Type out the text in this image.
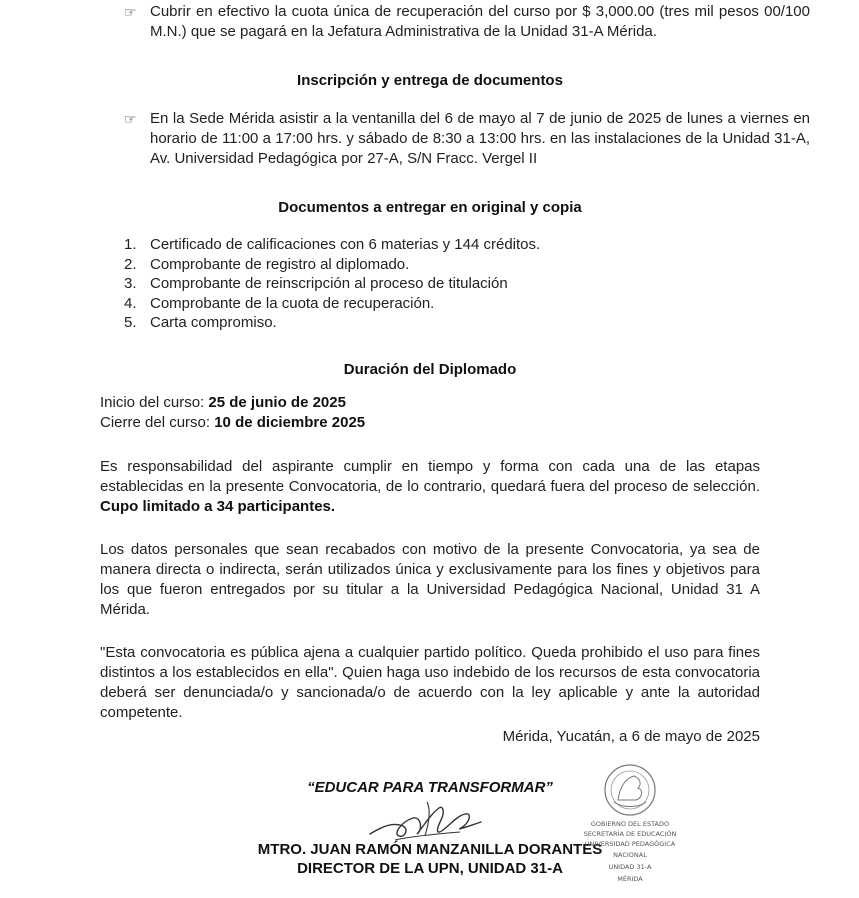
☞ Cubrir en efectivo la cuota única de recuperación del curso por $ 3,000.00 (tres mil pesos 00/100 M.N.) que se pagará en la Jefatura Administrativa de la Unidad 31-A Mérida.
Inscripción y entrega de documentos
☞ En la Sede Mérida asistir a la ventanilla del 6 de mayo al 7 de junio de 2025 de lunes a viernes en horario de 11:00 a 17:00 hrs. y sábado de 8:30 a 13:00 hrs. en las instalaciones de la Unidad 31-A, Av. Universidad Pedagógica por 27-A, S/N Fracc. Vergel II
Documentos a entregar en original y copia
1. Certificado de calificaciones con 6 materias y 144 créditos.
2. Comprobante de registro al diplomado.
3. Comprobante de reinscripción al proceso de titulación
4. Comprobante de la cuota de recuperación.
5. Carta compromiso.
Duración del Diplomado
Inicio del curso: 25 de junio de 2025
Cierre del curso: 10 de diciembre 2025
Es responsabilidad del aspirante cumplir en tiempo y forma con cada una de las etapas establecidas en la presente Convocatoria, de lo contrario, quedará fuera del proceso de selección. Cupo limitado a 34 participantes.
Los datos personales que sean recabados con motivo de la presente Convocatoria, ya sea de manera directa o indirecta, serán utilizados única y exclusivamente para los fines y objetivos para los que fueron entregados por su titular a la Universidad Pedagógica Nacional, Unidad 31 A Mérida.
"Esta convocatoria es pública ajena a cualquier partido político. Queda prohibido el uso para fines distintos a los establecidos en ella". Quien haga uso indebido de los recursos de esta convocatoria deberá ser denunciada/o y sancionada/o de acuerdo con la ley aplicable y ante la autoridad competente.
Mérida, Yucatán, a 6 de mayo de 2025
“EDUCAR PARA TRANSFORMAR”
MTRO. JUAN RAMÓN MANZANILLA DORANTES
DIRECTOR DE LA UPN, UNIDAD 31-A
GOBIERNO DEL ESTADO
SECRETARÍA DE EDUCACIÓN
UNIVERSIDAD PEDAGÓGICA
NACIONAL
UNIDAD 31-A
MÉRIDA
